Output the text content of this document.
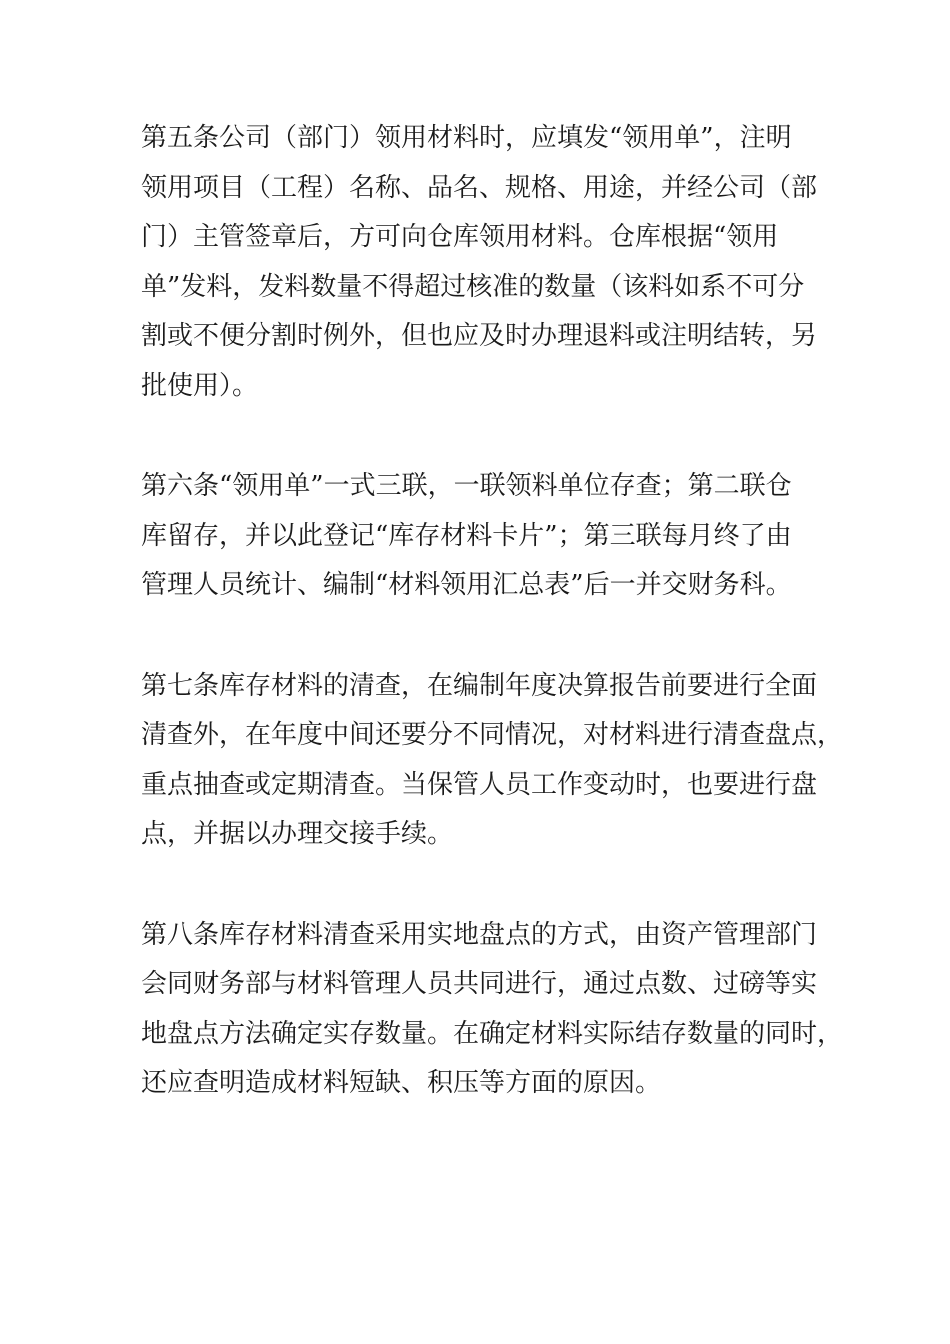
第五条公司（部门）领用材料时，应填发“领用单”，注明
领用项目（工程）名称、品名、规格、用途，并经公司（部
门）主管签章后，方可向仓库领用材料。仓库根据“领用
单”发料，发料数量不得超过核准的数量（该料如系不可分
割或不便分割时例外，但也应及时办理退料或注明结转，另
批使用）。

第六条“领用单”一式三联，一联领料单位存查；第二联仓
库留存，并以此登记“库存材料卡片”；第三联每月终了由
管理人员统计、编制“材料领用汇总表”后一并交财务科。

第七条库存材料的清查，在编制年度决算报告前要进行全面
清查外，在年度中间还要分不同情况，对材料进行清查盘点，
重点抽查或定期清查。当保管人员工作变动时，也要进行盘
点，并据以办理交接手续。

第八条库存材料清查采用实地盘点的方式，由资产管理部门
会同财务部与材料管理人员共同进行，通过点数、过磅等实
地盘点方法确定实存数量。在确定材料实际结存数量的同时，
还应查明造成材料短缺、积压等方面的原因。
